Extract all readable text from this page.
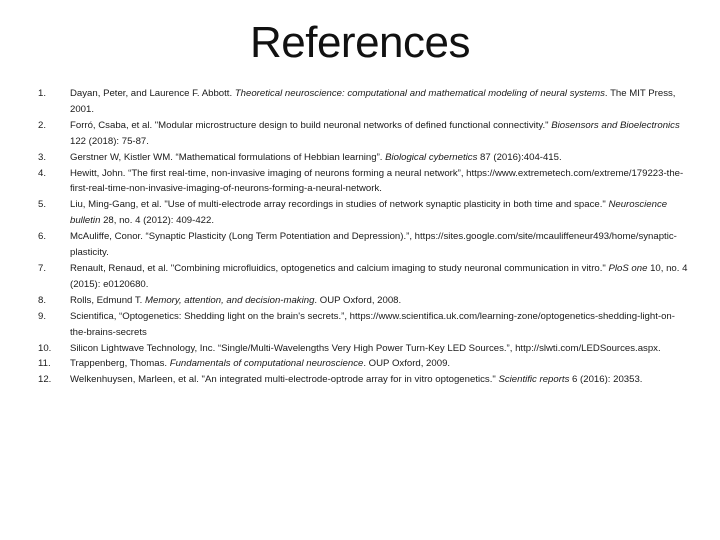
References
1.	Dayan, Peter, and Laurence F. Abbott. Theoretical neuroscience: computational and mathematical modeling of neural systems. The MIT Press, 2001.
2.	Forró, Csaba, et al. "Modular microstructure design to build neuronal networks of defined functional connectivity." Biosensors and Bioelectronics 122 (2018): 75-87.
3.	Gerstner W, Kistler WM. “Mathematical formulations of Hebbian learning”. Biological cybernetics 87 (2016):404-415.
4.	Hewitt, John. “The first real-time, non-invasive imaging of neurons forming a neural network”, https://www.extremetech.com/extreme/179223-the-first-real-time-non-invasive-imaging-of-neurons-forming-a-neural-network.
5.	Liu, Ming-Gang, et al. "Use of multi-electrode array recordings in studies of network synaptic plasticity in both time and space." Neuroscience bulletin 28, no. 4 (2012): 409-422.
6.	McAuliffe, Conor. “Synaptic Plasticity (Long Term Potentiation and Depression).”, https://sites.google.com/site/mcauliffeneur493/home/synaptic-plasticity.
7.	Renault, Renaud, et al. "Combining microfluidics, optogenetics and calcium imaging to study neuronal communication in vitro." PloS one 10, no. 4 (2015): e0120680.
8.	Rolls, Edmund T. Memory, attention, and decision-making. OUP Oxford, 2008.
9.	Scientifica, “Optogenetics: Shedding light on the brain's secrets.”, https://www.scientifica.uk.com/learning-zone/optogenetics-shedding-light-on-the-brains-secrets
10.	Silicon Lightwave Technology, Inc. “Single/Multi-Wavelengths Very High Power Turn-Key LED Sources.”, http://slwti.com/LEDSources.aspx.
11.	Trappenberg, Thomas. Fundamentals of computational neuroscience. OUP Oxford, 2009.
12.	Welkenhuysen, Marleen, et al. "An integrated multi-electrode-optrode array for in vitro optogenetics." Scientific reports 6 (2016): 20353.
